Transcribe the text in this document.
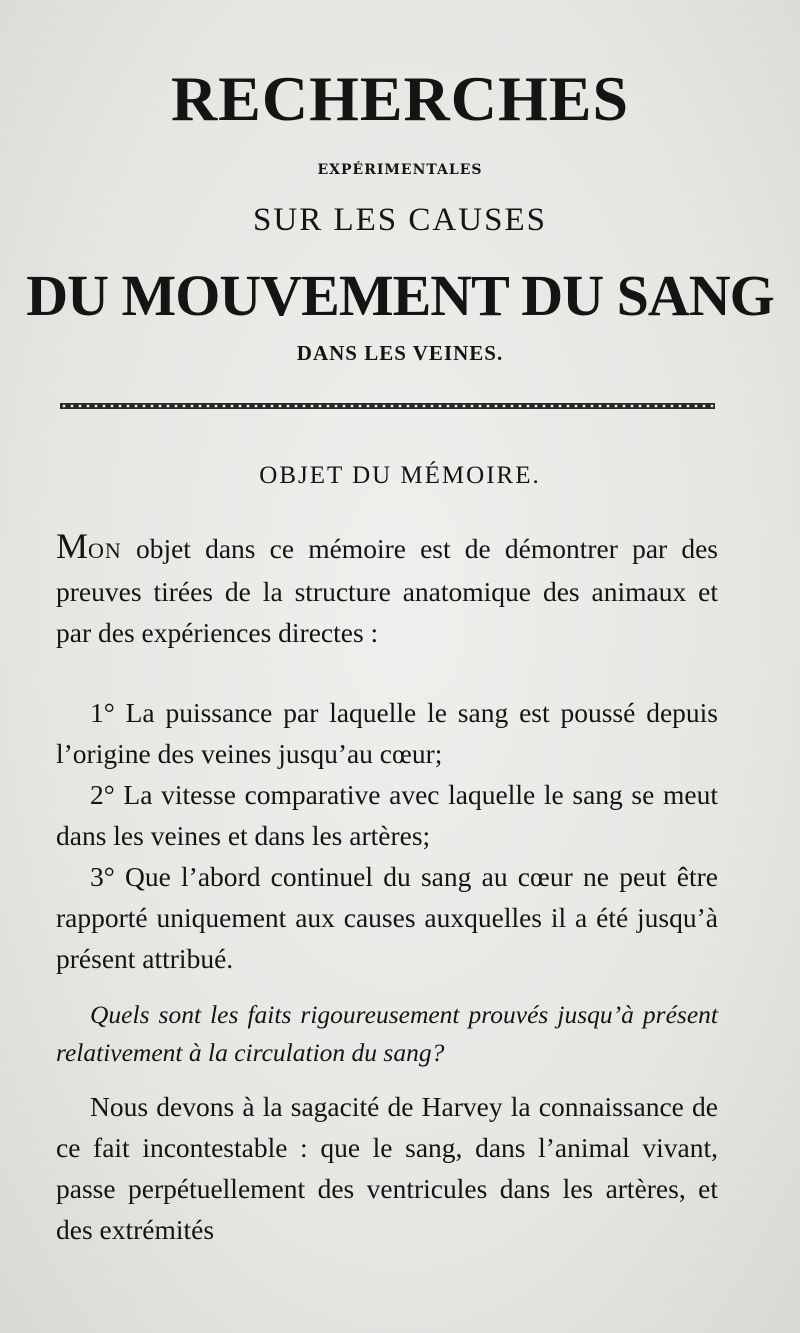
RECHERCHES
EXPÉRIMENTALES
SUR LES CAUSES
DU MOUVEMENT DU SANG
DANS LES VEINES.
OBJET DU MÉMOIRE.

MON objet dans ce mémoire est de démontrer par des preuves tirées de la structure anatomique des animaux et par des expériences directes :

1° La puissance par laquelle le sang est poussé depuis l’origine des veines jusqu’au cœur;

2° La vitesse comparative avec laquelle le sang se meut dans les veines et dans les artères;

3° Que l’abord continuel du sang au cœur ne peut être rapporté uniquement aux causes auxquelles il a été jusqu’à présent attribué.

Quels sont les faits rigoureusement prouvés jusqu’à présent relativement à la circulation du sang?

Nous devons à la sagacité de Harvey la connaissance de ce fait incontestable : que le sang, dans l’animal vivant, passe perpétuellement des ventricules dans les artères, et des extrémités
